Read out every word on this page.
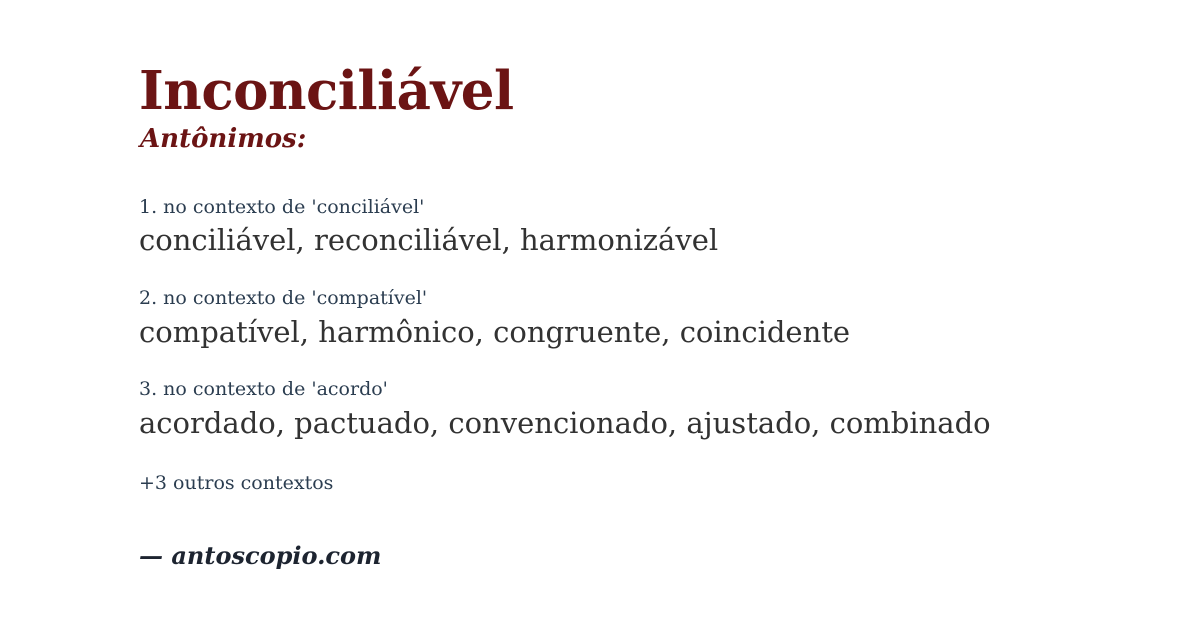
Inconciliável
Antônimos:
1. no contexto de 'conciliável'
conciliável, reconciliável, harmonizável
2. no contexto de 'compatível'
compatível, harmônico, congruente, coincidente
3. no contexto de 'acordo'
acordado, pactuado, convencionado, ajustado, combinado
+3 outros contextos
— antoscopio.com
